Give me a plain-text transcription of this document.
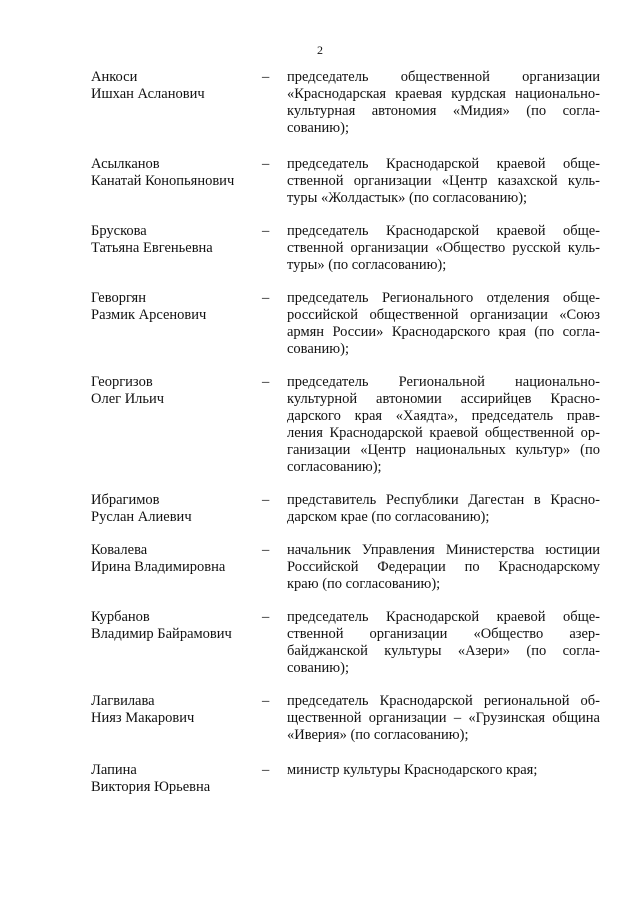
2
Анкоси
Ишхан Асланович
– председатель общественной организации
«Краснодарская краевая курдская национально-
культурная автономия «Мидия» (по согла-
сованию);
Асылканов
Канатай Конопьянович
– председатель Краснодарской краевой обще-
ственной организации «Центр казахской куль-
туры «Жолдастык» (по согласованию);
Брускова
Татьяна Евгеньевна
– председатель Краснодарской краевой обще-
ственной организации «Общество русской куль-
туры» (по согласованию);
Геворгян
Размик Арсенович
– председатель Регионального отделения обще-
российской общественной организации «Союз
армян России» Краснодарского края (по согла-
сованию);
Георгизов
Олег Ильич
– председатель Региональной национально-
культурной автономии ассирийцев Красно-
дарского края «Хаядта», председатель прав-
ления Краснодарской краевой общественной ор-
ганизации «Центр национальных культур» (по
согласованию);
Ибрагимов
Руслан Алиевич
– представитель Республики Дагестан в Красно-
дарском крае (по согласованию);
Ковалева
Ирина Владимировна
– начальник Управления Министерства юстиции
Российской Федерации по Краснодарскому
краю (по согласованию);
Курбанов
Владимир Байрамович
– председатель Краснодарской краевой обще-
ственной организации «Общество азер-
байджанской культуры «Азери» (по согла-
сованию);
Лагвилава
Нияз Макарович
– председатель Краснодарской региональной об-
щественной организации – «Грузинская община
«Иверия» (по согласованию);
Лапина
Виктория Юрьевна
– министр культуры Краснодарского края;
